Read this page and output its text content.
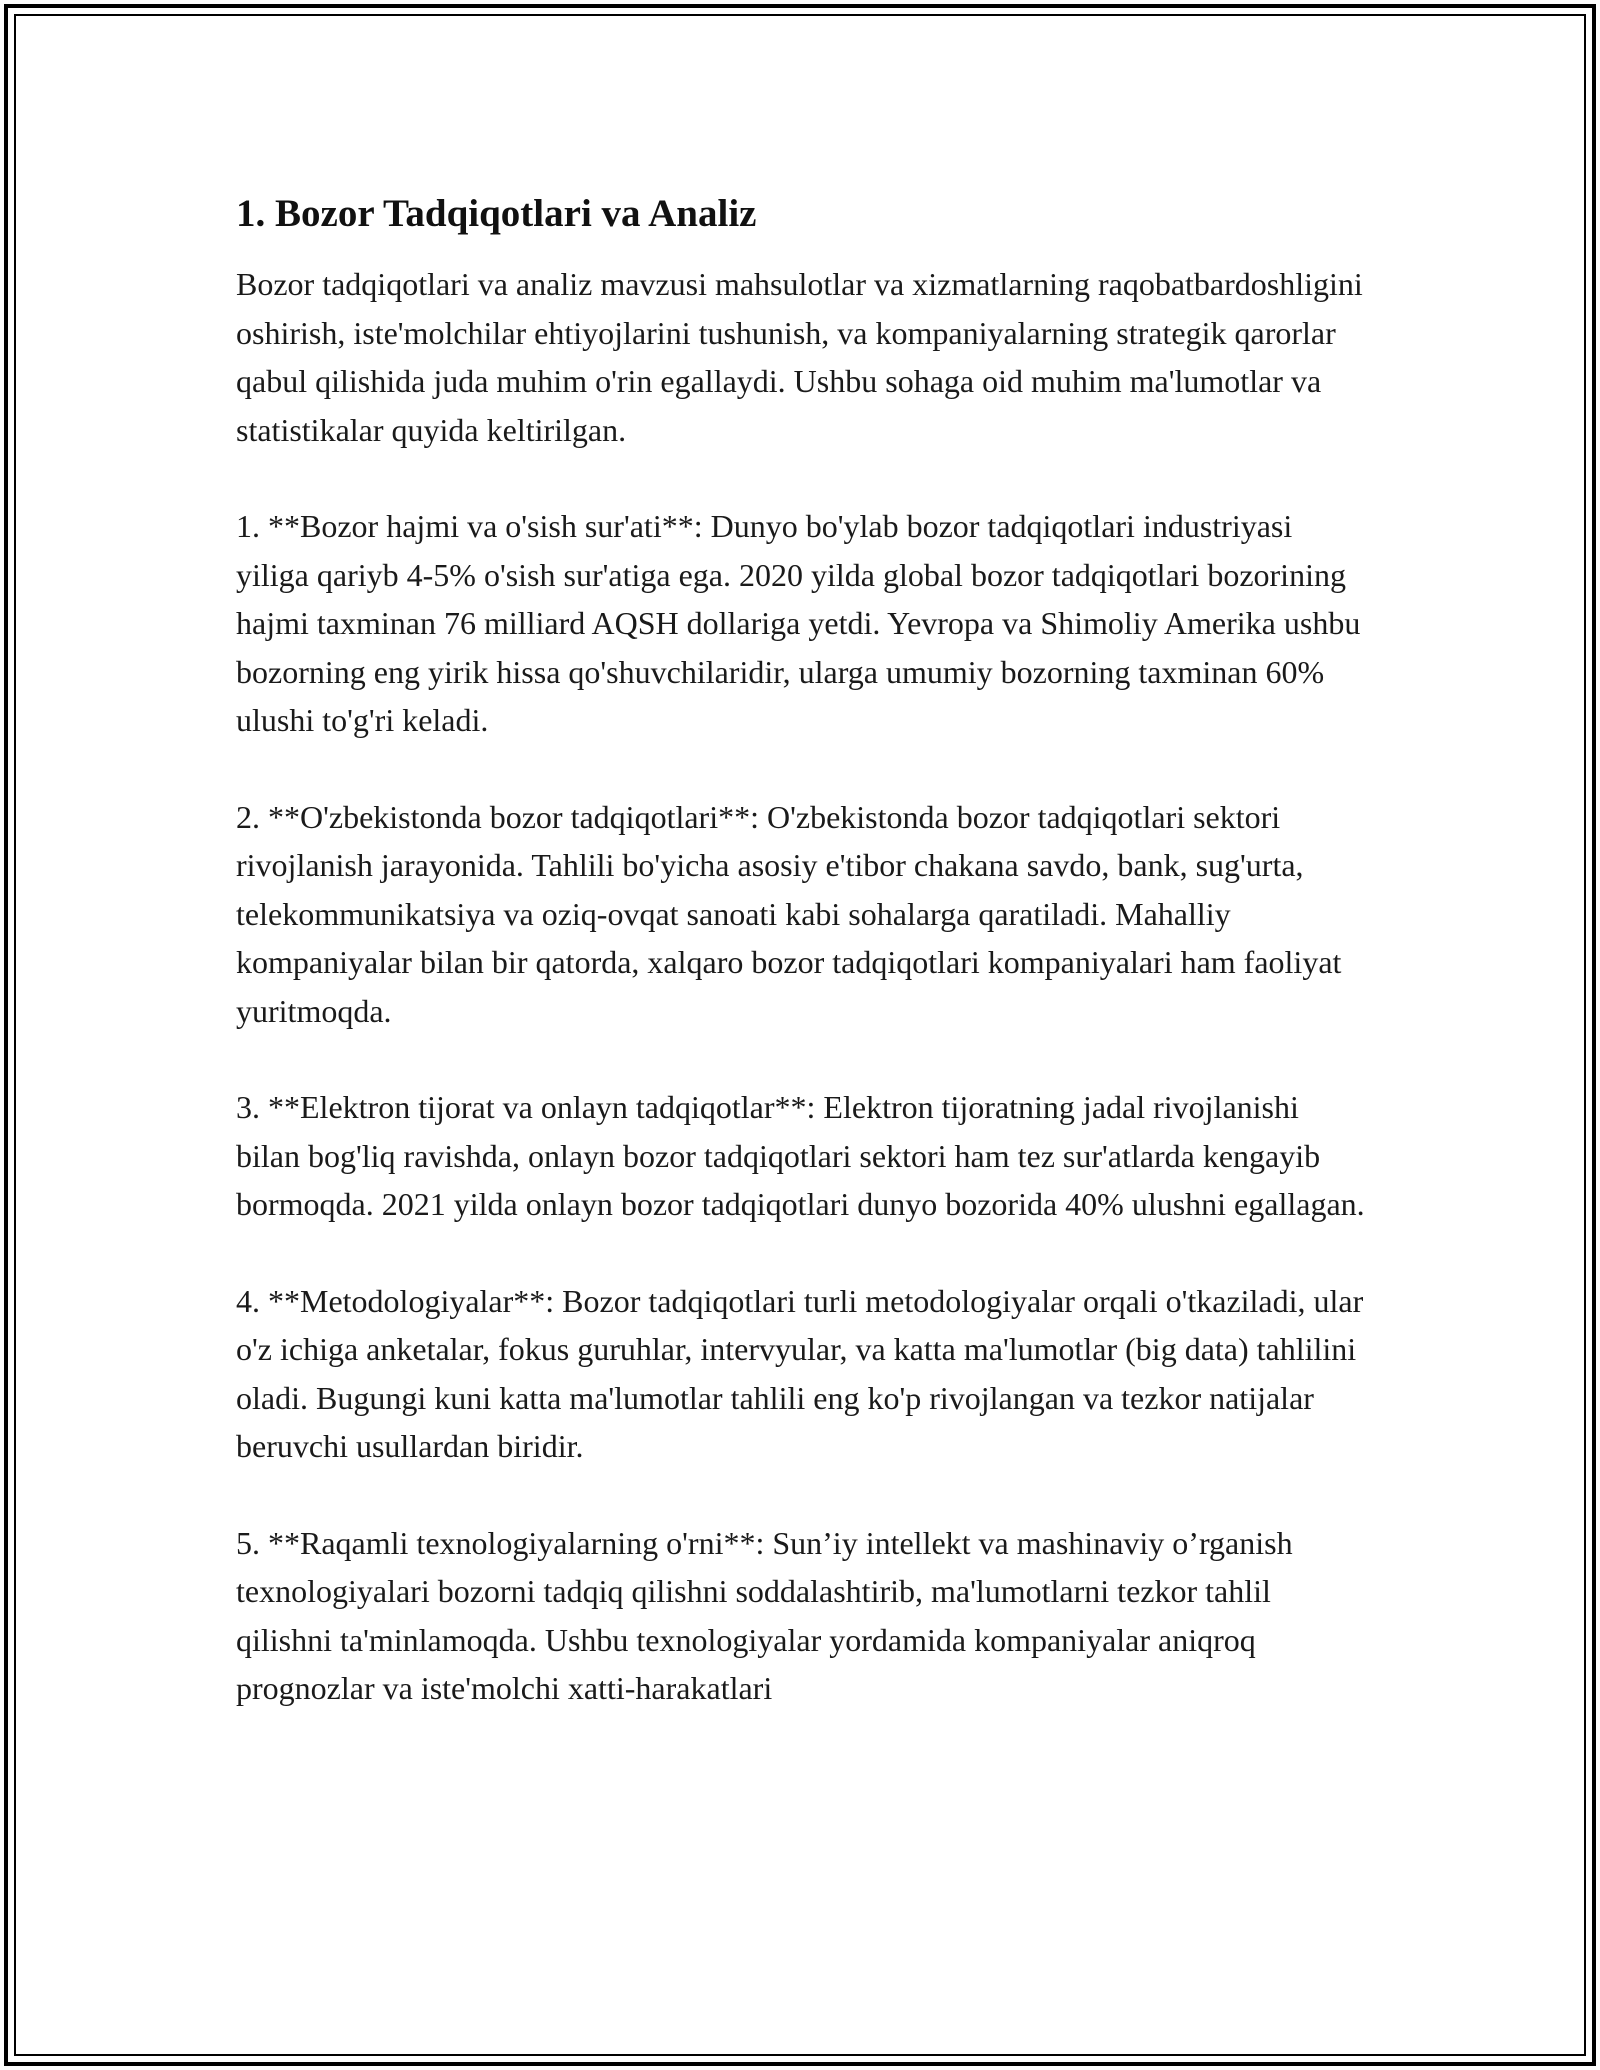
1. Bozor Tadqiqotlari va Analiz

Bozor tadqiqotlari va analiz mavzusi mahsulotlar va xizmatlarning raqobatbardoshligini oshirish, iste'molchilar ehtiyojlarini tushunish, va kompaniyalarning strategik qarorlar qabul qilishida juda muhim o'rin egallaydi. Ushbu sohaga oid muhim ma'lumotlar va statistikalar quyida keltirilgan.

1. **Bozor hajmi va o'sish sur'ati**: Dunyo bo'ylab bozor tadqiqotlari industriyasi yiliga qariyb 4-5% o'sish sur'atiga ega. 2020 yilda global bozor tadqiqotlari bozorining hajmi taxminan 76 milliard AQSH dollariga yetdi. Yevropa va Shimoliy Amerika ushbu bozorning eng yirik hissa qo'shuvchilaridir, ularga umumiy bozorning taxminan 60% ulushi to'g'ri keladi.

2. **O'zbekistonda bozor tadqiqotlari**: O'zbekistonda bozor tadqiqotlari sektori rivojlanish jarayonida. Tahlili bo'yicha asosiy e'tibor chakana savdo, bank, sug'urta, telekommunikatsiya va oziq-ovqat sanoati kabi sohalarga qaratiladi. Mahalliy kompaniyalar bilan bir qatorda, xalqaro bozor tadqiqotlari kompaniyalari ham faoliyat yuritmoqda.

3. **Elektron tijorat va onlayn tadqiqotlar**: Elektron tijoratning jadal rivojlanishi bilan bog'liq ravishda, onlayn bozor tadqiqotlari sektori ham tez sur'atlarda kengayib bormoqda. 2021 yilda onlayn bozor tadqiqotlari dunyo bozorida 40% ulushni egallagan.

4. **Metodologiyalar**: Bozor tadqiqotlari turli metodologiyalar orqali o'tkaziladi, ular o'z ichiga anketalar, fokus guruhlar, intervyular, va katta ma'lumotlar (big data) tahlilini oladi. Bugungi kuni katta ma'lumotlar tahlili eng ko'p rivojlangan va tezkor natijalar beruvchi usullardan biridir.

5. **Raqamli texnologiyalarning o'rni**: Sun’iy intellekt va mashinaviy o’rganish texnologiyalari bozorni tadqiq qilishni soddalashtirib, ma'lumotlarni tezkor tahlil qilishni ta'minlamoqda. Ushbu texnologiyalar yordamida kompaniyalar aniqroq prognozlar va iste'molchi xatti-harakatlari
